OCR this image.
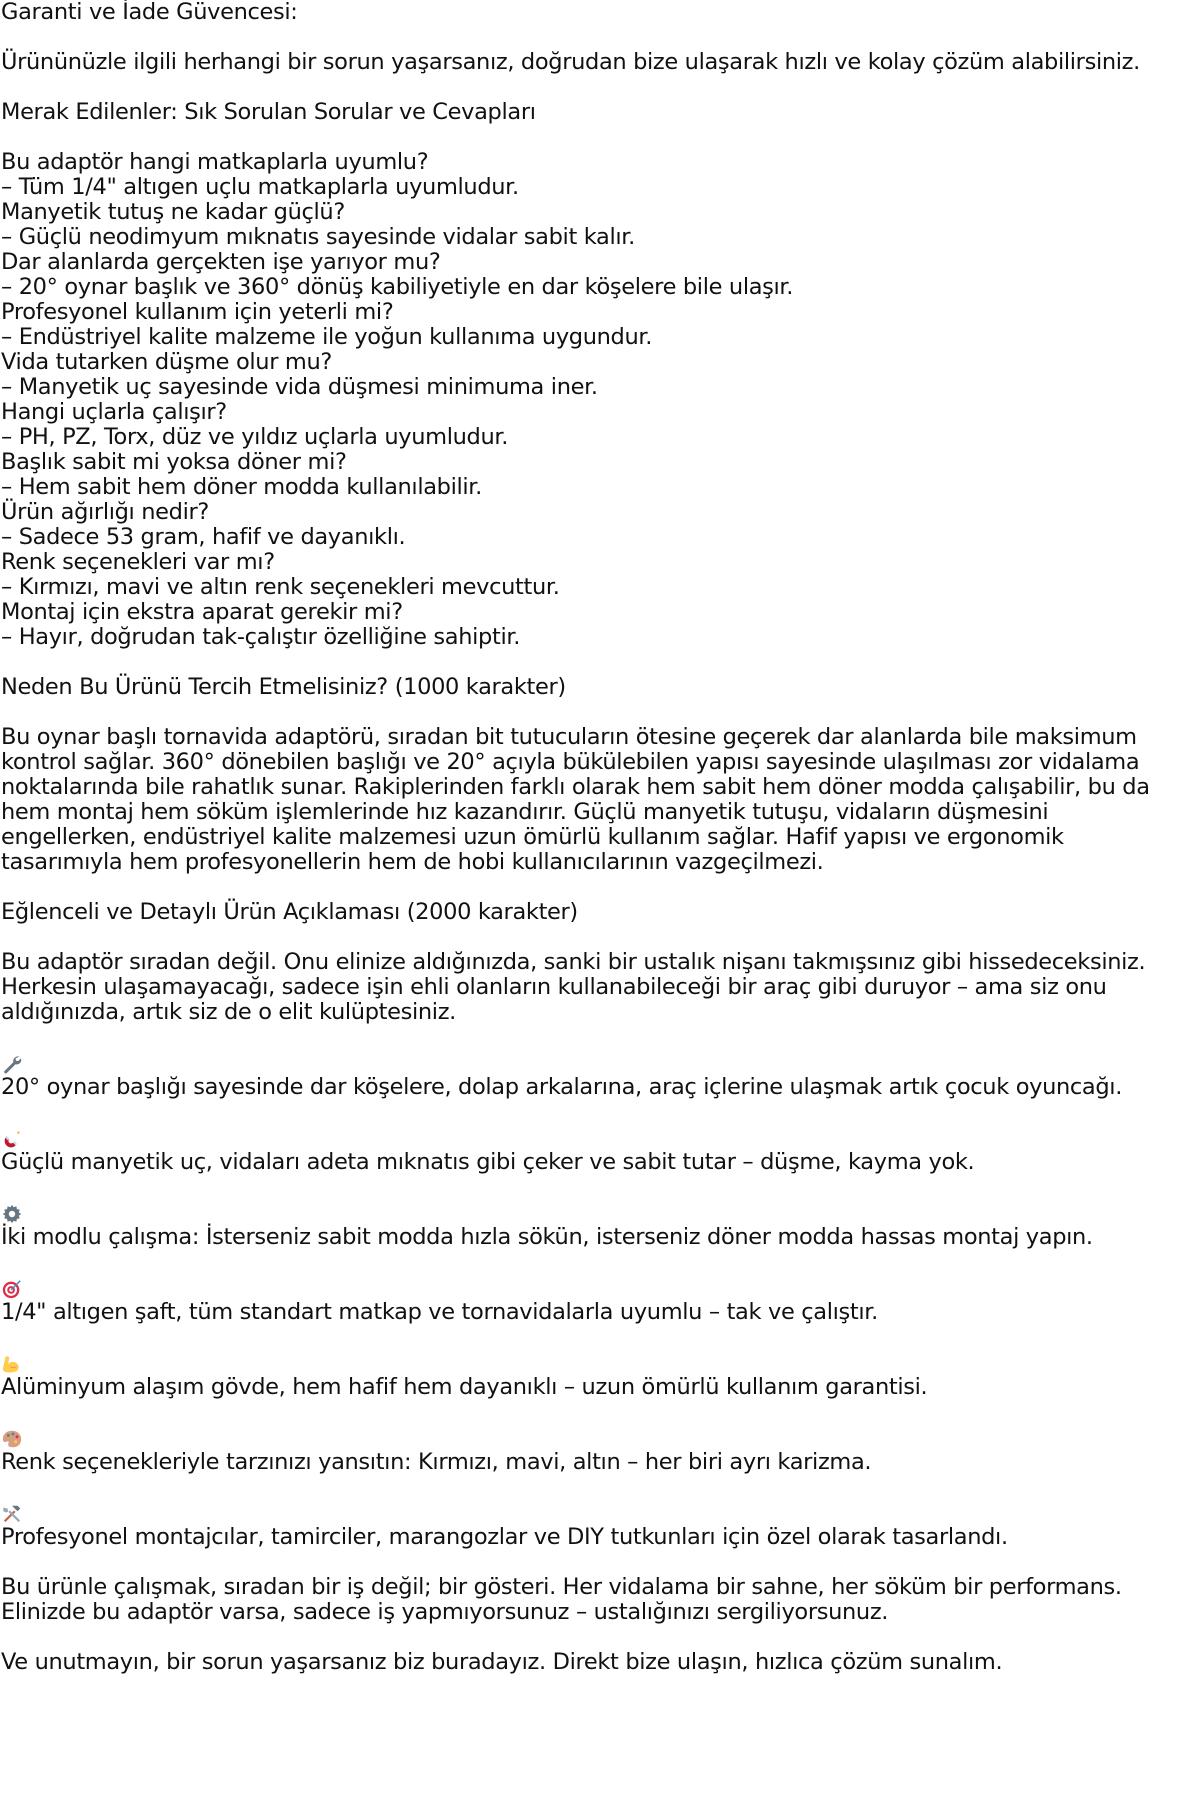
Garanti ve İade Güvencesi:
Ürününüzle ilgili herhangi bir sorun yaşarsanız, doğrudan bize ulaşarak hızlı ve kolay çözüm alabilirsiniz.
Merak Edilenler: Sık Sorulan Sorular ve Cevapları
Bu adaptör hangi matkaplarla uyumlu?
– Tüm 1/4" altıgen uçlu matkaplarla uyumludur.
Manyetik tutuş ne kadar güçlü?
– Güçlü neodimyum mıknatıs sayesinde vidalar sabit kalır.
Dar alanlarda gerçekten işe yarıyor mu?
– 20° oynar başlık ve 360° dönüş kabiliyetiyle en dar köşelere bile ulaşır.
Profesyonel kullanım için yeterli mi?
– Endüstriyel kalite malzeme ile yoğun kullanıma uygundur.
Vida tutarken düşme olur mu?
– Manyetik uç sayesinde vida düşmesi minimuma iner.
Hangi uçlarla çalışır?
– PH, PZ, Torx, düz ve yıldız uçlarla uyumludur.
Başlık sabit mi yoksa döner mi?
– Hem sabit hem döner modda kullanılabilir.
Ürün ağırlığı nedir?
– Sadece 53 gram, hafif ve dayanıklı.
Renk seçenekleri var mı?
– Kırmızı, mavi ve altın renk seçenekleri mevcuttur.
Montaj için ekstra aparat gerekir mi?
– Hayır, doğrudan tak-çalıştır özelliğine sahiptir.
Neden Bu Ürünü Tercih Etmelisiniz? (1000 karakter)
Bu oynar başlı tornavida adaptörü, sıradan bit tutucuların ötesine geçerek dar alanlarda bile maksimum kontrol sağlar. 360° dönebilen başlığı ve 20° açıyla bükülebilen yapısı sayesinde ulaşılması zor vidalama noktalarında bile rahatlık sunar. Rakiplerinden farklı olarak hem sabit hem döner modda çalışabilir, bu da hem montaj hem söküm işlemlerinde hız kazandırır. Güçlü manyetik tutuşu, vidaların düşmesini engellerken, endüstriyel kalite malzemesi uzun ömürlü kullanım sağlar. Hafif yapısı ve ergonomik tasarımıyla hem profesyonellerin hem de hobi kullanıcılarının vazgeçilmezi.
Eğlenceli ve Detaylı Ürün Açıklaması (2000 karakter)
Bu adaptör sıradan değil. Onu elinize aldığınızda, sanki bir ustalık nişanı takmışsınız gibi hissedeceksiniz. Herkesin ulaşamayacağı, sadece işin ehli olanların kullanabileceği bir araç gibi duruyor – ama siz onu aldığınızda, artık siz de o elit kulüptesiniz.
20° oynar başlığı sayesinde dar köşelere, dolap arkalarına, araç içlerine ulaşmak artık çocuk oyuncağı.
Güçlü manyetik uç, vidaları adeta mıknatıs gibi çeker ve sabit tutar – düşme, kayma yok.
İki modlu çalışma: İsterseniz sabit modda hızla sökün, isterseniz döner modda hassas montaj yapın.
1/4" altıgen şaft, tüm standart matkap ve tornavidalarla uyumlu – tak ve çalıştır.
Alüminyum alaşım gövde, hem hafif hem dayanıklı – uzun ömürlü kullanım garantisi.
Renk seçenekleriyle tarzınızı yansıtın: Kırmızı, mavi, altın – her biri ayrı karizma.
Profesyonel montajcılar, tamirciler, marangozlar ve DIY tutkunları için özel olarak tasarlandı.
Bu ürünle çalışmak, sıradan bir iş değil; bir gösteri. Her vidalama bir sahne, her söküm bir performans. Elinizde bu adaptör varsa, sadece iş yapmıyorsunuz – ustalığınızı sergiliyorsunuz.
Ve unutmayın, bir sorun yaşarsanız biz buradayız. Direkt bize ulaşın, hızlıca çözüm sunalım.
